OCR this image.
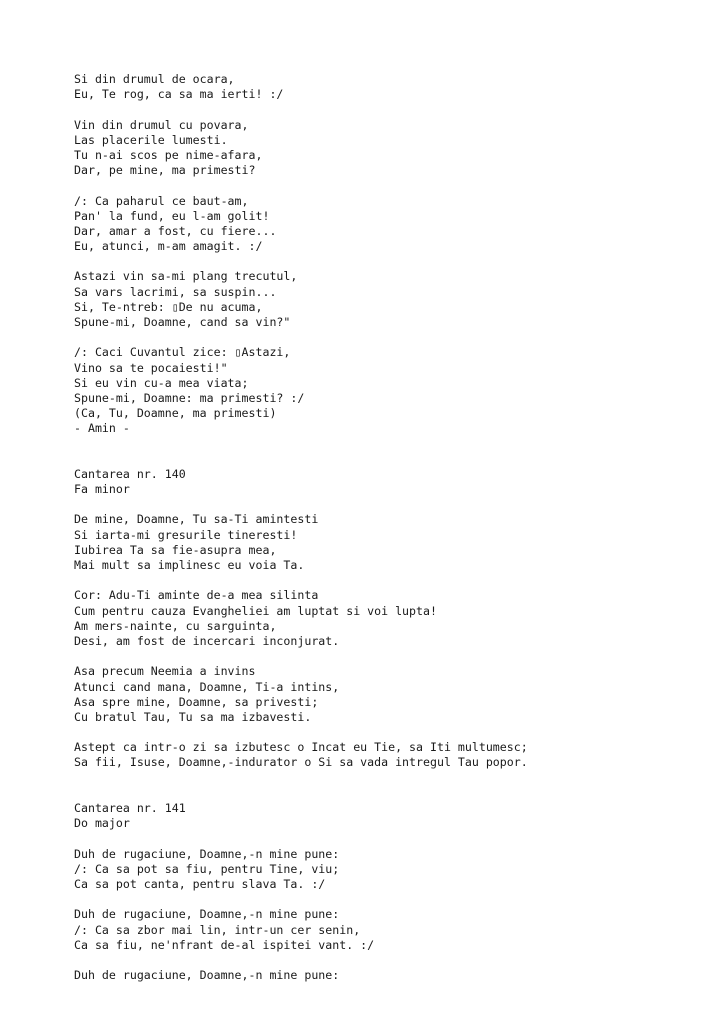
Si din drumul de ocara,
Eu, Te rog, ca sa ma ierti! :/
Vin din drumul cu povara,
Las placerile lumesti.
Tu n-ai scos pe nime-afara,
Dar, pe mine, ma primesti?
/: Ca paharul ce baut-am,
Pan' la fund, eu l-am golit!
Dar, amar a fost, cu fiere...
Eu, atunci, m-am amagit. :/
Astazi vin sa-mi plang trecutul,
Sa vars lacrimi, sa suspin...
Si, Te-ntreb: ▯De nu acuma,
Spune-mi, Doamne, cand sa vin?"
/: Caci Cuvantul zice: ▯Astazi,
Vino sa te pocaiesti!"
Si eu vin cu-a mea viata;
Spune-mi, Doamne: ma primesti? :/
(Ca, Tu, Doamne, ma primesti)
- Amin -
Cantarea nr. 140
Fa minor
De mine, Doamne, Tu sa-Ti amintesti
Si iarta-mi gresurile tineresti!
Iubirea Ta sa fie-asupra mea,
Mai mult sa implinesc eu voia Ta.
Cor: Adu-Ti aminte de-a mea silinta
Cum pentru cauza Evangheliei am luptat si voi lupta!
Am mers-nainte, cu sarguinta,
Desi, am fost de incercari inconjurat.
Asa precum Neemia a invins
Atunci cand mana, Doamne, Ti-a intins,
Asa spre mine, Doamne, sa privesti;
Cu bratul Tau, Tu sa ma izbavesti.
Astept ca intr-o zi sa izbutesc o Incat eu Tie, sa Iti multumesc;
Sa fii, Isuse, Doamne,-indurator o Si sa vada intregul Tau popor.
Cantarea nr. 141
Do major
Duh de rugaciune, Doamne,-n mine pune:
/: Ca sa pot sa fiu, pentru Tine, viu;
Ca sa pot canta, pentru slava Ta. :/
Duh de rugaciune, Doamne,-n mine pune:
/: Ca sa zbor mai lin, intr-un cer senin,
Ca sa fiu, ne'nfrant de-al ispitei vant. :/
Duh de rugaciune, Doamne,-n mine pune:
